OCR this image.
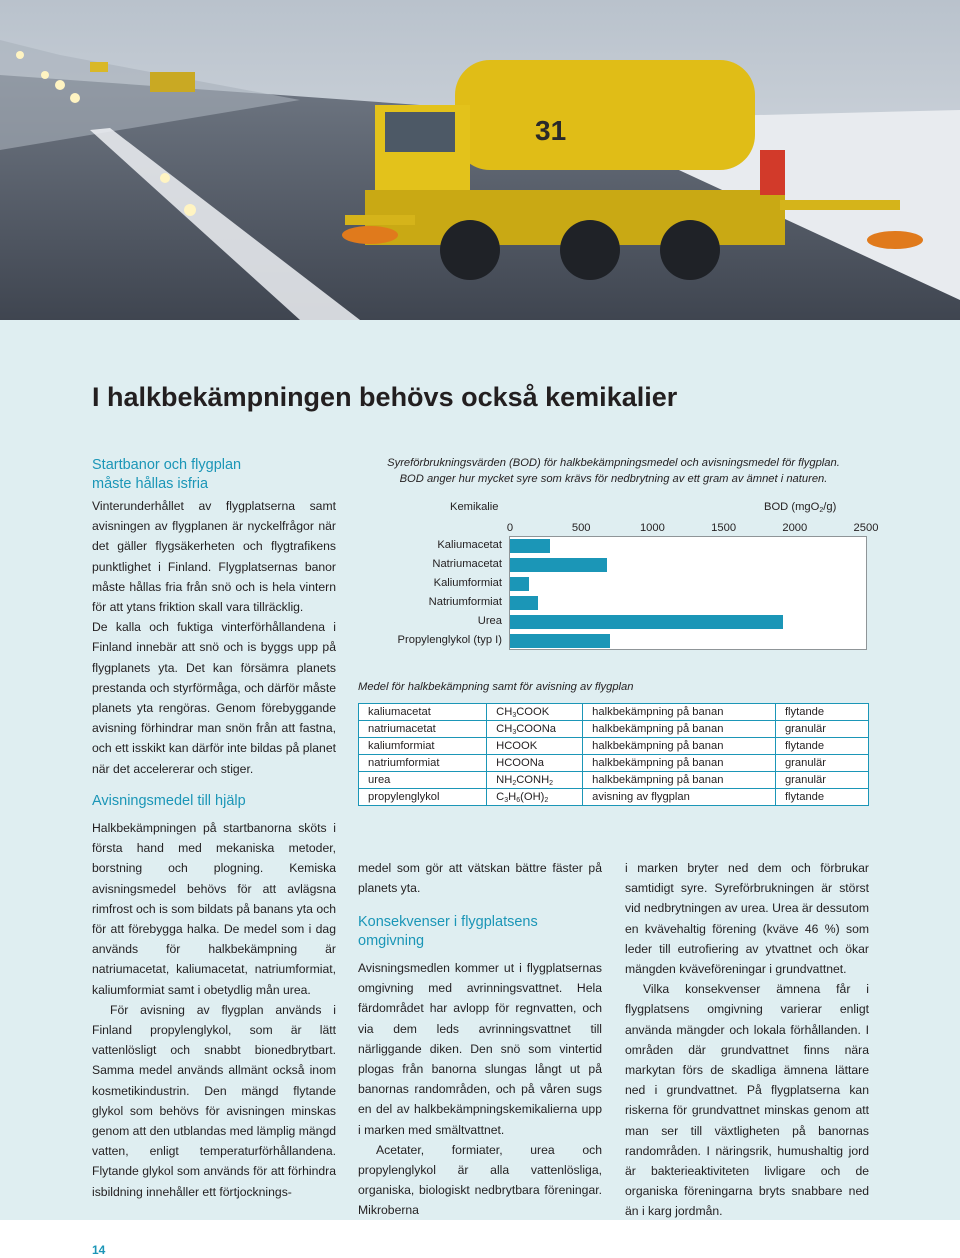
31
I halkbekämpningen behövs också kemikalier
Startbanor och flygplan måste hållas isfria

Vinterunderhållet av flygplatserna samt avisningen av flygplanen är nyckelfrågor när det gäller flygsäkerheten och flygtrafikens punktlighet i Finland. Flygplatsernas banor måste hållas fria från snö och is hela vintern för att ytans friktion skall vara tillräcklig.

De kalla och fuktiga vinterförhållandena i Finland innebär att snö och is byggs upp på flygplanets yta. Det kan försämra planets prestanda och styrförmåga, och därför måste planets yta rengöras. Genom förebyggande avisning förhindrar man snön från att fastna, och ett isskikt kan därför inte bildas på planet när det accelererar och stiger.

Avisningsmedel till hjälp

Halkbekämpningen på startbanorna sköts i första hand med mekaniska metoder, borstning och plogning. Kemiska avisningsmedel behövs för att avlägsna rimfrost och is som bildats på banans yta och för att förebygga halka. De medel som i dag används för halkbekämpning är natriumacetat, kaliumacetat, natriumformiat, kaliumformiat samt i obetydlig mån urea.

För avisning av flygplan används i Finland propylenglykol, som är lätt vattenlösligt och snabbt bionedbrytbart. Samma medel används allmänt också inom kosmetikindustrin. Den mängd flytande glykol som behövs för avisningen minskas genom att den utblandas med lämplig mängd vatten, enligt temperaturförhållandena. Flytande glykol som används för att förhindra isbildning innehåller ett förtjocknings-

Syreförbrukningsvärden (BOD) för halkbekämpningsmedel och avisningsmedel för flygplan.
BOD anger hur mycket syre som krävs för nedbrytning av ett gram av ämnet i naturen.
Kemikalie	BOD (mgO$_2$/g)
0	500	1000	1500	2000	2500
Kaliumacetat
Natriumacetat
Kaliumformiat
Natriumformiat
Urea
Propylenglykol (typ I)
Medel för halkbekämpning samt för avisning av flygplan
kaliumacetat	$CH_3COOK$	halkbekämpning på banan	flytande
natriumacetat	$CH_3COONa$	halkbekämpning på banan	granulär
kaliumformiat	HCOOK	halkbekämpning på banan	flytande
natriumformiat	HCOONa	halkbekämpning på banan	granulär
urea	$NH_2CONH_2$	halkbekämpning på banan	granulär
propylenglykol	$C_3H_6(OH)_2$	avisning av flygplan	flytande

medel som gör att vätskan bättre fäster på planets yta.

Konsekvenser i flygplatsens omgivning

Avisningsmedlen kommer ut i flygplatsernas omgivning med avrinningsvattnet. Hela färdområdet har avlopp för regnvatten, och via dem leds avrinningsvattnet till närliggande diken. Den snö som vintertid plogas från banorna slungas långt ut på banornas randområden, och på våren sugs en del av halkbekämpningskemikalierna upp i marken med smältvattnet.

Acetater, formiater, urea och propylenglykol är alla vattenlösliga, organiska, biologiskt nedbrytbara föreningar. Mikroberna

i marken bryter ned dem och förbrukar samtidigt syre. Syreförbrukningen är störst vid nedbrytningen av urea. Urea är dessutom en kvävehaltig förening (kväve 46 %) som leder till eutrofiering av ytvattnet och ökar mängden kväveföreningar i grundvattnet.

Vilka konsekvenser ämnena får i flygplatsens omgivning varierar enligt använda mängder och lokala förhållanden. I områden där grundvattnet finns nära markytan förs de skadliga ämnena lättare ned i grundvattnet. På flygplatserna kan riskerna för grundvattnet minskas genom att man ser till växtligheten på banornas randområden. I näringsrik, humushaltig jord är bakterieaktiviteten livligare och de organiska föreningarna bryts snabbare ned än i karg jordmån.

14
